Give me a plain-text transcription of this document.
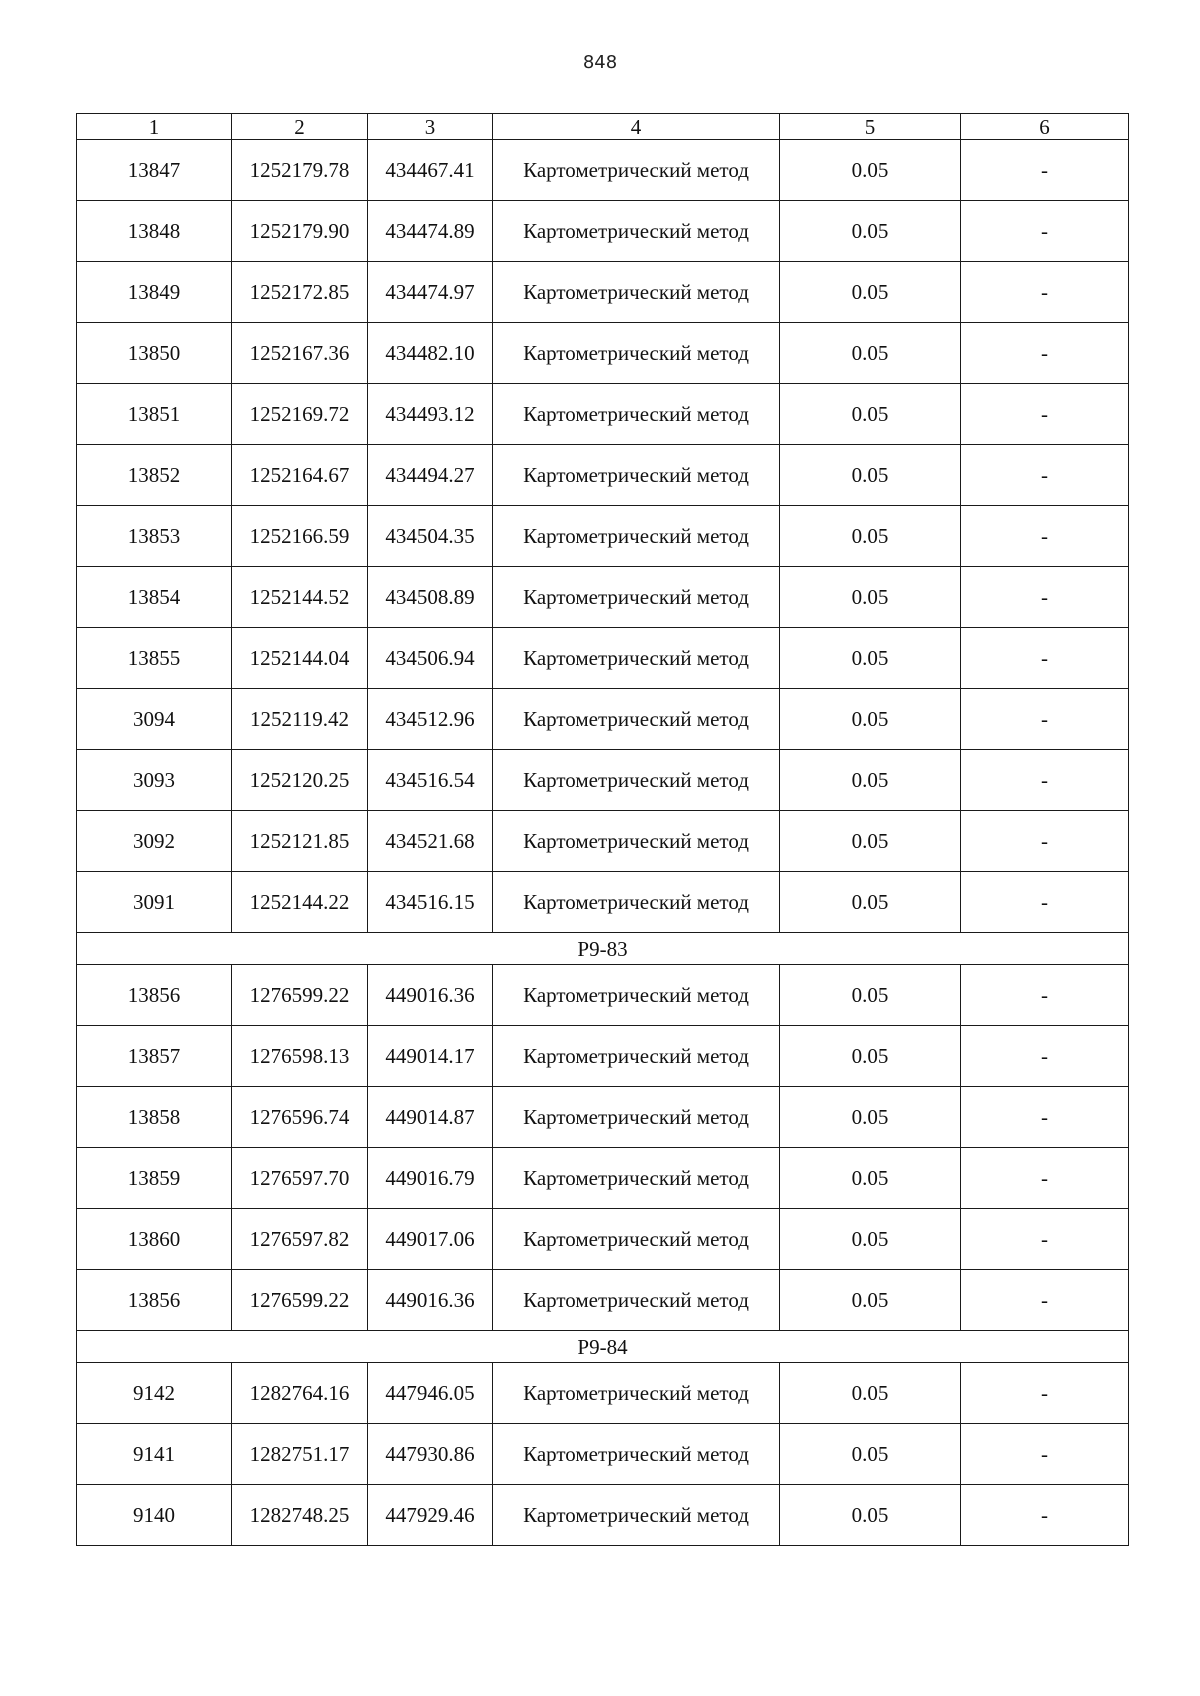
848
1	2	3	4	5	6
13847	1252179.78	434467.41	Картометрический метод	0.05	-
13848	1252179.90	434474.89	Картометрический метод	0.05	-
13849	1252172.85	434474.97	Картометрический метод	0.05	-
13850	1252167.36	434482.10	Картометрический метод	0.05	-
13851	1252169.72	434493.12	Картометрический метод	0.05	-
13852	1252164.67	434494.27	Картометрический метод	0.05	-
13853	1252166.59	434504.35	Картометрический метод	0.05	-
13854	1252144.52	434508.89	Картометрический метод	0.05	-
13855	1252144.04	434506.94	Картометрический метод	0.05	-
3094	1252119.42	434512.96	Картометрический метод	0.05	-
3093	1252120.25	434516.54	Картометрический метод	0.05	-
3092	1252121.85	434521.68	Картометрический метод	0.05	-
3091	1252144.22	434516.15	Картометрический метод	0.05	-
Р9-83					
13856	1276599.22	449016.36	Картометрический метод	0.05	-
13857	1276598.13	449014.17	Картометрический метод	0.05	-
13858	1276596.74	449014.87	Картометрический метод	0.05	-
13859	1276597.70	449016.79	Картометрический метод	0.05	-
13860	1276597.82	449017.06	Картометрический метод	0.05	-
13856	1276599.22	449016.36	Картометрический метод	0.05	-
Р9-84					
9142	1282764.16	447946.05	Картометрический метод	0.05	-
9141	1282751.17	447930.86	Картометрический метод	0.05	-
9140	1282748.25	447929.46	Картометрический метод	0.05	-
